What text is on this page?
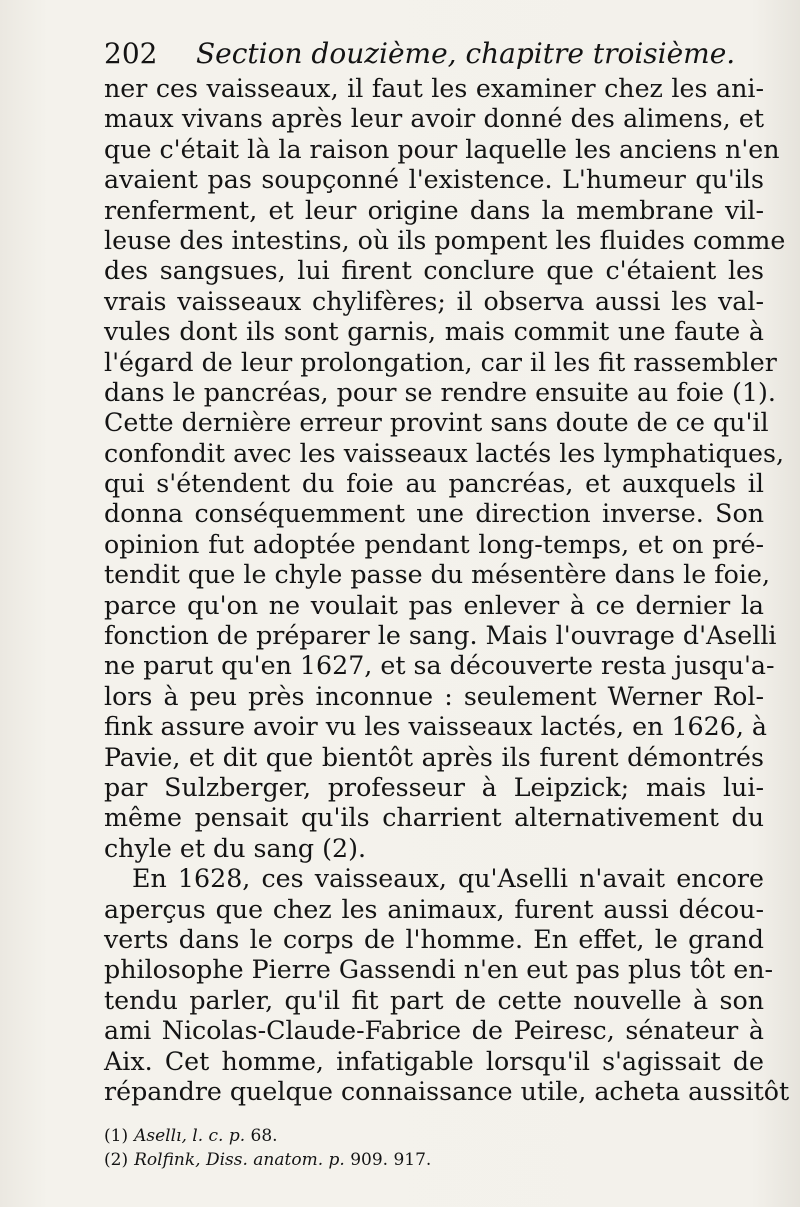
202 Section douzième, chapitre troisième.
ner ces vaisseaux, il faut les examiner chez les ani-
maux vivans après leur avoir donné des alimens, et
que c'était là la raison pour laquelle les anciens n'en
avaient pas soupçonné l'existence. L'humeur qu'ils
renferment, et leur origine dans la membrane vil-
leuse des intestins, où ils pompent les fluides comme
des sangsues, lui firent conclure que c'étaient les
vrais vaisseaux chylifères; il observa aussi les val-
vules dont ils sont garnis, mais commit une faute à
l'égard de leur prolongation, car il les fit rassembler
dans le pancréas, pour se rendre ensuite au foie (1).
Cette dernière erreur provint sans doute de ce qu'il
confondit avec les vaisseaux lactés les lymphatiques,
qui s'étendent du foie au pancréas, et auxquels il
donna conséquemment une direction inverse. Son
opinion fut adoptée pendant long-temps, et on pré-
tendit que le chyle passe du mésentère dans le foie,
parce qu'on ne voulait pas enlever à ce dernier la
fonction de préparer le sang. Mais l'ouvrage d'Aselli
ne parut qu'en 1627, et sa découverte resta jusqu'a-
lors à peu près inconnue : seulement Werner Rol-
fink assure avoir vu les vaisseaux lactés, en 1626, à
Pavie, et dit que bientôt après ils furent démontrés
par Sulzberger, professeur à Leipzick; mais lui-
même pensait qu'ils charrient alternativement du
chyle et du sang (2).
En 1628, ces vaisseaux, qu'Aselli n'avait encore
aperçus que chez les animaux, furent aussi décou-
verts dans le corps de l'homme. En effet, le grand
philosophe Pierre Gassendi n'en eut pas plus tôt en-
tendu parler, qu'il fit part de cette nouvelle à son
ami Nicolas-Claude-Fabrice de Peiresc, sénateur à
Aix. Cet homme, infatigable lorsqu'il s'agissait de
répandre quelque connaissance utile, acheta aussitôt
(1) Asellı, l. c. p. 68.
(2) Rolfink, Diss. anatom. p. 909. 917.
